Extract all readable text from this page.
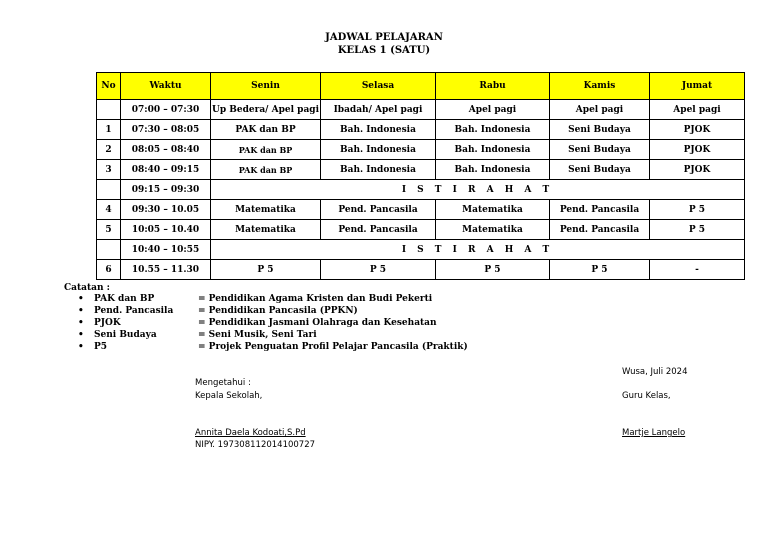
JADWAL PELAJARAN
KELAS 1 (SATU)
No	Waktu	Senin	Selasa	Rabu	Kamis	Jumat
	07:00 – 07:30	Up Bedera/ Apel pagi	Ibadah/ Apel pagi	Apel pagi	Apel pagi	Apel pagi
1	07:30 – 08:05	PAK dan BP	Bah. Indonesia	Bah. Indonesia	Seni Budaya	PJOK
2	08:05 – 08:40	PAK dan BP	Bah. Indonesia	Bah. Indonesia	Seni Budaya	PJOK
3	08:40 – 09:15	PAK dan BP	Bah. Indonesia	Bah. Indonesia	Seni Budaya	PJOK
	09:15 – 09:30	I S T I R A H A T				
4	09:30 – 10.05	Matematika	Pend. Pancasila	Matematika	Pend. Pancasila	P 5
5	10:05 – 10.40	Matematika	Pend. Pancasila	Matematika	Pend. Pancasila	P 5
	10:40 – 10:55	I S T I R A H A T				
6	10.55 – 11.30	P 5	P 5	P 5	P 5	-
Catatan :
• PAK dan BP	= Pendidikan Agama Kristen dan Budi Pekerti
• Pend. Pancasila	= Pendidikan Pancasila (PPKN)
• PJOK	= Pendidikan Jasmani Olahraga dan Kesehatan
• Seni Budaya	= Seni Musik, Seni Tari
• P5	= Projek Penguatan Profil Pelajar Pancasila (Praktik)
Wusa, Juli 2024
Mengetahui :
Kepala Sekolah,	Guru Kelas,
Annita Daela Kodoati,S.Pd
NIPY. 197308112014100727
Martje Langelo
